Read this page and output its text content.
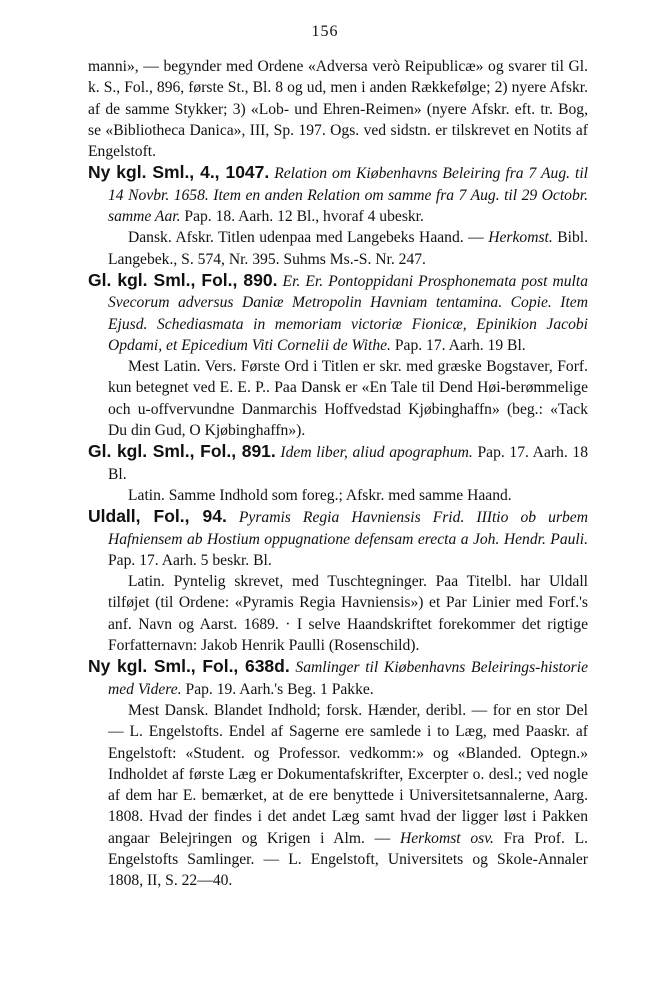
156

manni», — begynder med Ordene «Adversa verò Reipublicæ» og svarer til Gl. k. S., Fol., 896, første St., Bl. 8 og ud, men i anden Rækkefølge; 2) nyere Afskr. af de samme Stykker; 3) «Lob- und Ehren-Reimen» (nyere Afskr. eft. tr. Bog, se «Bibliotheca Danica», III, Sp. 197. Ogs. ved sidstn. er tilskrevet en Notits af Engelstoft.

Ny kgl. Sml., 4., 1047. Relation om Kiøbenhavns Beleiring fra 7 Aug. til 14 Novbr. 1658. Item en anden Relation om samme fra 7 Aug. til 29 Octobr. samme Aar. Pap. 18. Aarh. 12 Bl., hvoraf 4 ubeskr.

Dansk. Afskr. Titlen udenpaa med Langebeks Haand. — Herkomst. Bibl. Langebek., S. 574, Nr. 395. Suhms Ms.-S. Nr. 247.

Gl. kgl. Sml., Fol., 890. Er. Er. Pontoppidani Prosphonemata post multa Svecorum adversus Daniæ Metropolin Havniam tentamina. Copie. Item Ejusd. Schediasmata in memoriam victoriæ Fionicæ, Epinikion Jacobi Opdami, et Epicedium Viti Cornelii de Withe. Pap. 17. Aarh. 19 Bl.

Mest Latin. Vers. Første Ord i Titlen er skr. med græske Bogstaver, Forf. kun betegnet ved E. E. P.. Paa Dansk er «En Tale til Dend Høi-berømmelige och u-offvervundne Danmarchis Hoffvedstad Kjøbinghaffn» (beg.: «Tack Du din Gud, O Kjøbinghaffn»).

Gl. kgl. Sml., Fol., 891. Idem liber, aliud apographum. Pap. 17. Aarh. 18 Bl.

Latin. Samme Indhold som foreg.; Afskr. med samme Haand.

Uldall, Fol., 94. Pyramis Regia Havniensis Frid. IIItio ob urbem Hafniensem ab Hostium oppugnatione defensam erecta a Joh. Hendr. Pauli. Pap. 17. Aarh. 5 beskr. Bl.

Latin. Pyntelig skrevet, med Tuschtegninger. Paa Titelbl. har Uldall tilføjet (til Ordene: «Pyramis Regia Havniensis») et Par Linier med Forf.'s anf. Navn og Aarst. 1689. · I selve Haandskriftet forekommer det rigtige Forfatternavn: Jakob Henrik Paulli (Rosenschild).

Ny kgl. Sml., Fol., 638d. Samlinger til Kiøbenhavns Beleirings-historie med Videre. Pap. 19. Aarh.'s Beg. 1 Pakke.

Mest Dansk. Blandet Indhold; forsk. Hænder, deribl. — for en stor Del — L. Engelstofts. Endel af Sagerne ere samlede i to Læg, med Paaskr. af Engelstoft: «Student. og Professor. vedkomm:» og «Blanded. Optegn.» Indholdet af første Læg er Dokumentafskrifter, Excerpter o. desl.; ved nogle af dem har E. bemærket, at de ere benyttede i Universitetsannalerne, Aarg. 1808. Hvad der findes i det andet Læg samt hvad der ligger løst i Pakken angaar Belejringen og Krigen i Alm. — Herkomst osv. Fra Prof. L. Engelstofts Samlinger. — L. Engelstoft, Universitets og Skole-Annaler 1808, II, S. 22—40.
